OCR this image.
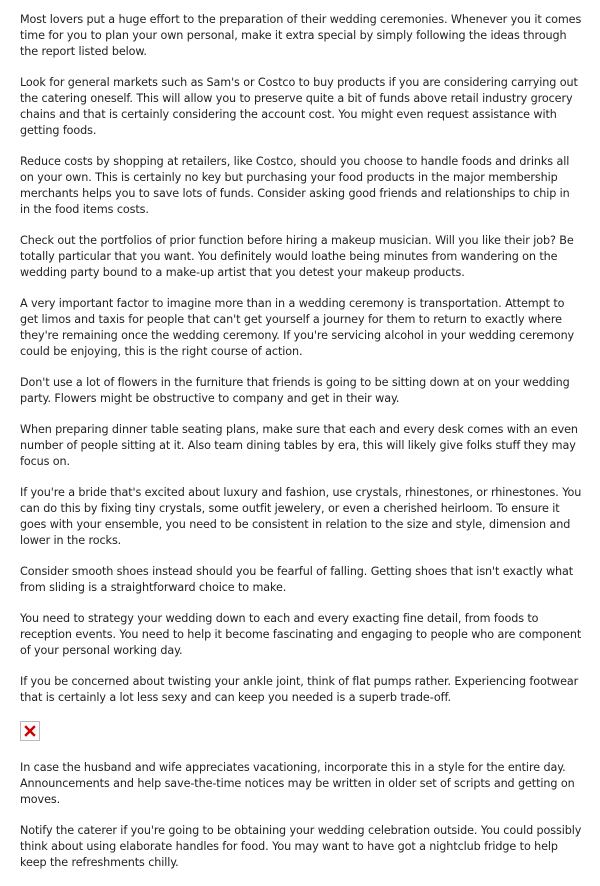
Most lovers put a huge effort to the preparation of their wedding ceremonies. Whenever you it comes time for you to plan your own personal, make it extra special by simply following the ideas through the report listed below.

Look for general markets such as Sam's or Costco to buy products if you are considering carrying out the catering oneself. This will allow you to preserve quite a bit of funds above retail industry grocery chains and that is certainly considering the account cost. You might even request assistance with getting foods.

Reduce costs by shopping at retailers, like Costco, should you choose to handle foods and drinks all on your own. This is certainly no key but purchasing your food products in the major membership merchants helps you to save lots of funds. Consider asking good friends and relationships to chip in in the food items costs.

Check out the portfolios of prior function before hiring a makeup musician. Will you like their job? Be totally particular that you want. You definitely would loathe being minutes from wandering on the wedding party bound to a make-up artist that you detest your makeup products.

A very important factor to imagine more than in a wedding ceremony is transportation. Attempt to get limos and taxis for people that can't get yourself a journey for them to return to exactly where they're remaining once the wedding ceremony. If you're servicing alcohol in your wedding ceremony could be enjoying, this is the right course of action.

Don't use a lot of flowers in the furniture that friends is going to be sitting down at on your wedding party. Flowers might be obstructive to company and get in their way.

When preparing dinner table seating plans, make sure that each and every desk comes with an even number of people sitting at it. Also team dining tables by era, this will likely give folks stuff they may focus on.

If you're a bride that's excited about luxury and fashion, use crystals, rhinestones, or rhinestones. You can do this by fixing tiny crystals, some outfit jewelery, or even a cherished heirloom. To ensure it goes with your ensemble, you need to be consistent in relation to the size and style, dimension and lower in the rocks.

Consider smooth shoes instead should you be fearful of falling. Getting shoes that isn't exactly what from sliding is a straightforward choice to make.

You need to strategy your wedding down to each and every exacting fine detail, from foods to reception events. You need to help it become fascinating and engaging to people who are component of your personal working day.

If you be concerned about twisting your ankle joint, think of flat pumps rather. Experiencing footwear that is certainly a lot less sexy and can keep you needed is a superb trade-off.

In case the husband and wife appreciates vacationing, incorporate this in a style for the entire day. Announcements and help save-the-time notices may be written in older set of scripts and getting on moves.

Notify the caterer if you're going to be obtaining your wedding celebration outside. You could possibly think about using elaborate handles for food. You may want to have got a nightclub fridge to help keep the refreshments chilly.
